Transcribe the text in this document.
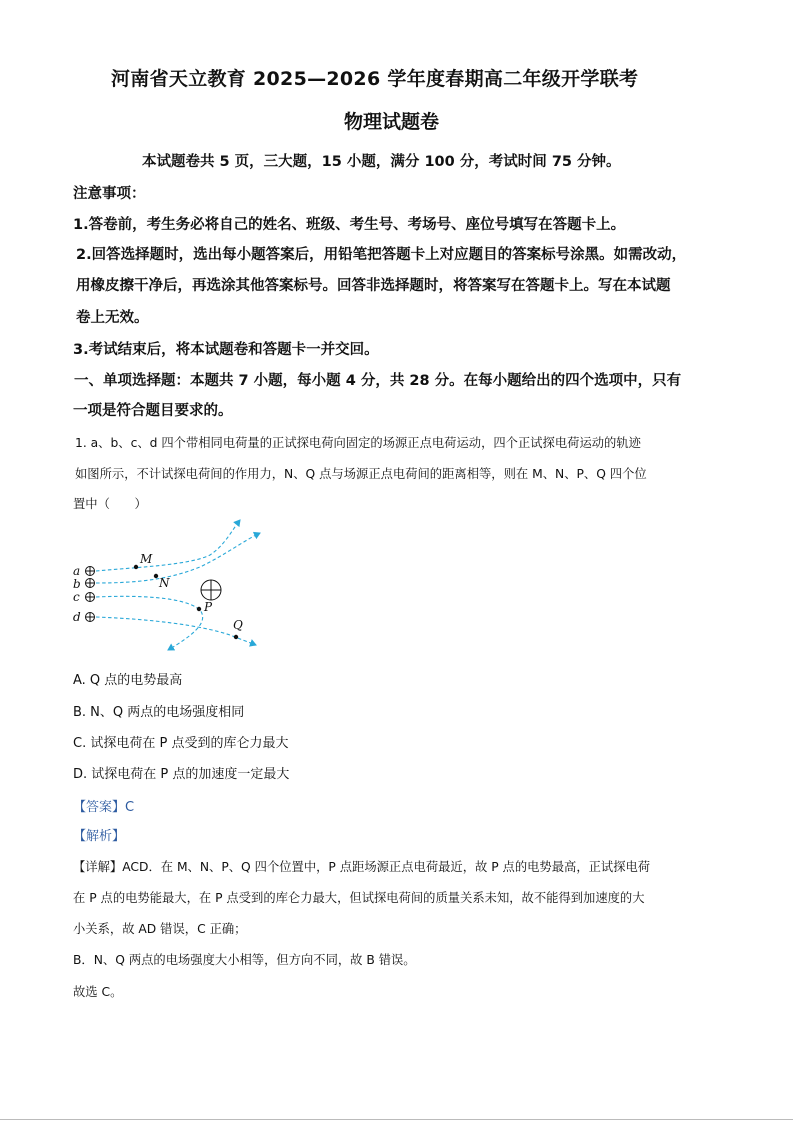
河南省天立教育 2025—2026 学年度春期高二年级开学联考

物理试题卷

本试题卷共 5 页，三大题，15 小题，满分 100 分，考试时间 75 分钟。

注意事项：

1.答卷前，考生务必将自己的姓名、班级、考生号、考场号、座位号填写在答题卡上。

2.回答选择题时，选出每小题答案后，用铅笔把答题卡上对应题目的答案标号涂黑。如需改动，

用橡皮擦干净后，再选涂其他答案标号。回答非选择题时，将答案写在答题卡上。写在本试题

卷上无效。

3.考试结束后，将本试题卷和答题卡一并交回。

一、单项选择题：本题共 7 小题，每小题 4 分，共 28 分。在每小题给出的四个选项中，只有

一项是符合题目要求的。

1. a、b、c、d 四个带相同电荷量的正试探电荷向固定的场源正点电荷运动，四个正试探电荷运动的轨迹

如图所示，不计试探电荷间的作用力，N、Q 点与场源正点电荷间的距离相等，则在 M、N、P、Q 四个位

置中（　　）

a
b
c
d
M
N
P
Q

A. Q 点的电势最高

B. N、Q 两点的电场强度相同

C. 试探电荷在 P 点受到的库仑力最大

D. 试探电荷在 P 点的加速度一定最大

【答案】C

【解析】

【详解】ACD．在 M、N、P、Q 四个位置中，P 点距场源正点电荷最近，故 P 点的电势最高，正试探电荷

在 P 点的电势能最大，在 P 点受到的库仑力最大，但试探电荷间的质量关系未知，故不能得到加速度的大

小关系，故 AD 错误，C 正确；

B．N、Q 两点的电场强度大小相等，但方向不同，故 B 错误。

故选 C。
